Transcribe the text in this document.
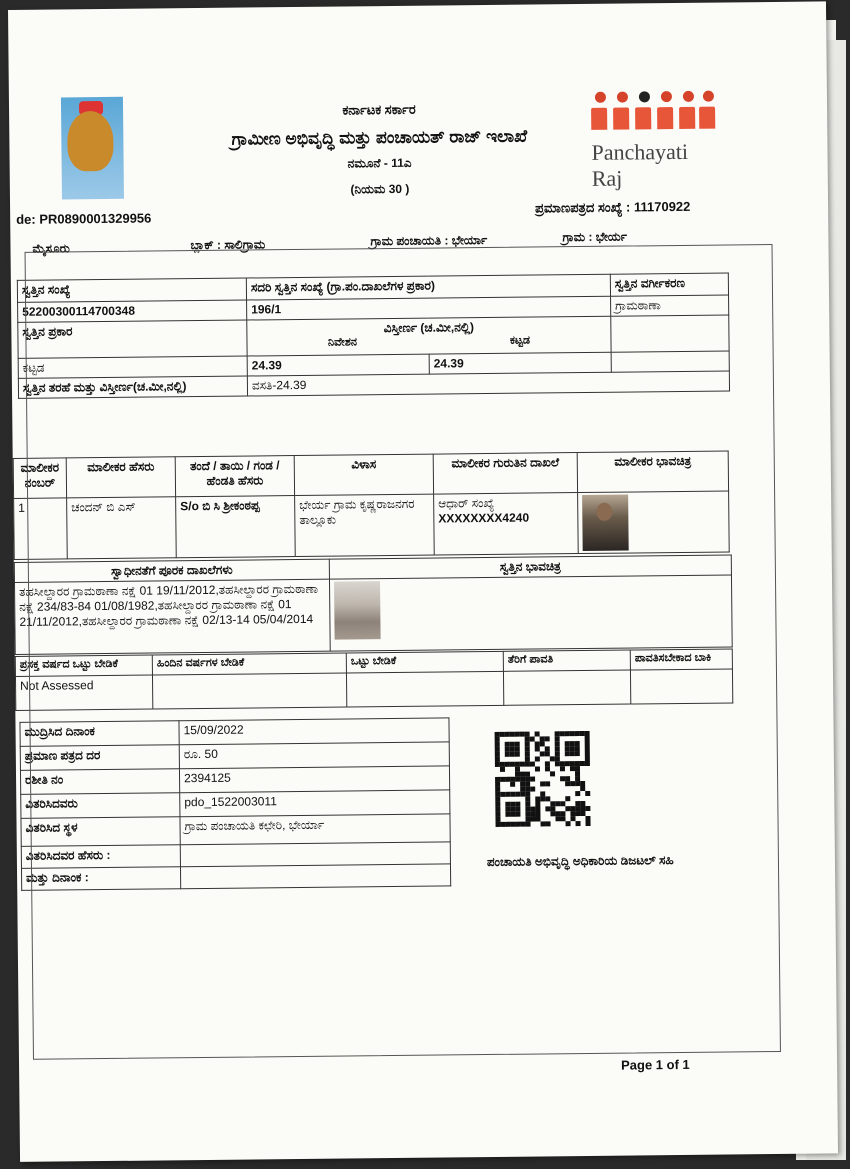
Panchayati Raj
ಕರ್ನಾಟಕ ಸರ್ಕಾರ
ಗ್ರಾಮೀಣ ಅಭಿವೃದ್ಧಿ ಮತ್ತು ಪಂಚಾಯತ್ ರಾಜ್ ಇಲಾಖೆ
ನಮೂನೆ - 11ಎ
(ನಿಯಮ 30 )
de: PR0890001329956
ಪ್ರಮಾಣಪತ್ರದ ಸಂಖ್ಯೆ : 11170922
ಮೈಸೂರು	ಬ್ಲಾಕ್ : ಸಾಲಿಗ್ರಾಮ	ಗ್ರಾಮ ಪಂಚಾಯತಿ : ಭೇರ್ಯಾ	ಗ್ರಾಮ : ಭೇರ್ಯ
ಸ್ವತ್ತಿನ ಸಂಖ್ಯೆ	ಸದರಿ ಸ್ವತ್ತಿನ ಸಂಖ್ಯೆ (ಗ್ರಾ.ಪಂ.ದಾಖಲೆಗಳ ಪ್ರಕಾರ)		ಸ್ವತ್ತಿನ ವರ್ಗೀಕರಣ
52200300114700348	196/1		ಗ್ರಾಮಠಾಣಾ
ಸ್ವತ್ತಿನ ಪ್ರಕಾರ	ವಿಸ್ತೀರ್ಣ (ಚ.ಮೀ,ನಲ್ಲಿ)
ನಿವೇಶನ ಕಟ್ಟಡ		

ಕಟ್ಟಡ	24.39	24.39	
ಸ್ವತ್ತಿನ ತರಹೆ ಮತ್ತು ವಿಸ್ತೀರ್ಣ(ಚ.ಮೀ,ನಲ್ಲಿ)	ವಸತಿ-24.39		
ಮಾಲೀಕರ ನಂಬರ್	ಮಾಲೀಕರ ಹೆಸರು	ತಂದೆ / ತಾಯಿ / ಗಂಡ / ಹೆಂಡತಿ ಹೆಸರು	ವಿಳಾಸ	ಮಾಲೀಕರ ಗುರುತಿನ ದಾಖಲೆ	ಮಾಲೀಕರ ಭಾವಚಿತ್ರ
1	ಚಂದನ್ ಬಿ ಎಸ್	S/o ಬಿ ಸಿ ಶ್ರೀಕಂಠಪ್ಪ	ಭೇರ್ಯ ಗ್ರಾಮ ಕೃಷ್ಣರಾಜನಗರ ತಾಲ್ಲೂಕು	ಆಧಾರ್ ಸಂಖ್ಯೆ
XXXXXXXX4240	

ಸ್ವಾಧೀನತೆಗೆ ಪೂರಕ ದಾಖಲೆಗಳು	ಸ್ವತ್ತಿನ ಭಾವಚಿತ್ರ
ತಹಸೀಲ್ದಾರರ ಗ್ರಾಮಠಾಣಾ ನಕ್ಷೆ 01 19/11/2012,ತಹಸೀಲ್ದಾರರ ಗ್ರಾಮಠಾಣಾ ನಕ್ಷೆ 234/83-84 01/08/1982,ತಹಸೀಲ್ದಾರರ ಗ್ರಾಮಠಾಣಾ ನಕ್ಷೆ 01 21/11/2012,ತಹಸೀಲ್ದಾರರ ಗ್ರಾಮಠಾಣಾ ನಕ್ಷೆ 02/13-14 05/04/2014	
ಪ್ರಸಕ್ತ ವರ್ಷದ ಒಟ್ಟು ಬೇಡಿಕೆ	ಹಿಂದಿನ ವರ್ಷಗಳ ಬೇಡಿಕೆ	ಒಟ್ಟು ಬೇಡಿಕೆ	ತೆರಿಗೆ ಪಾವತಿ	ಪಾವತಿಸಬೇಕಾದ ಬಾಕಿ
Not Assessed				
ಮುದ್ರಿಸಿದ ದಿನಾಂಕ	15/09/2022
ಪ್ರಮಾಣ ಪತ್ರದ ದರ	ರೂ. 50
ರಶೀತಿ ನಂ	2394125
ವಿತರಿಸಿದವರು	pdo_1522003011
ವಿತರಿಸಿದ ಸ್ಥಳ	ಗ್ರಾಮ ಪಂಚಾಯತಿ ಕಛೇರಿ, ಭೇರ್ಯಾ
ವಿತರಿಸಿದವರ ಹೆಸರು :	
ಮತ್ತು ದಿನಾಂಕ :	
ಪಂಚಾಯತಿ ಅಭಿವೃದ್ಧಿ ಅಧಿಕಾರಿಯ ಡಿಜಟಲ್ ಸಹಿ
Page 1 of 1
